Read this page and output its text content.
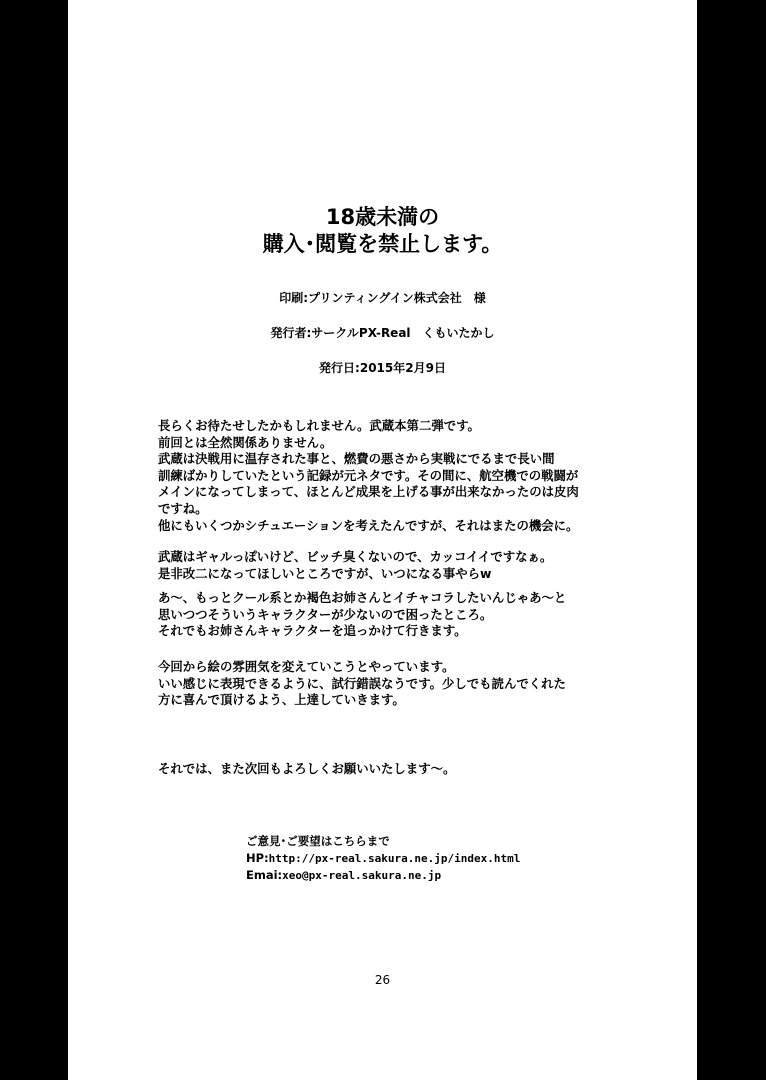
18歳未満の
購入･閲覧を禁止します。
印刷:プリンティングイン株式会社　様
発行者:サークルPX-Real　くもいたかし
発行日:2015年2月9日
長らくお待たせしたかもしれません。武蔵本第二弾です。
前回とは全然関係ありません。
武蔵は決戦用に温存された事と、燃費の悪さから実戦にでるまで長い間
訓練ばかりしていたという記録が元ネタです。その間に、航空機での戦闘が
メインになってしまって、ほとんど成果を上げる事が出来なかったのは皮肉
ですね。
他にもいくつかシチュエーションを考えたんですが、それはまたの機会に。
武蔵はギャルっぽいけど、ビッチ臭くないので、カッコイイですなぁ。
是非改二になってほしいところですが、いつになる事やらw
あ～、もっとクール系とか褐色お姉さんとイチャコラしたいんじゃあ～と
思いつつそういうキャラクターが少ないので困ったところ。
それでもお姉さんキャラクターを追っかけて行きます。
今回から絵の雰囲気を変えていこうとやっています。
いい感じに表現できるように、試行錯誤なうです。少しでも読んでくれた
方に喜んで頂けるよう、上達していきます。
それでは、また次回もよろしくお願いいたします～。
ご意見･ご要望はこちらまで
HP:http://px-real.sakura.ne.jp/index.html
Emai:xeo@px-real.sakura.ne.jp
26
